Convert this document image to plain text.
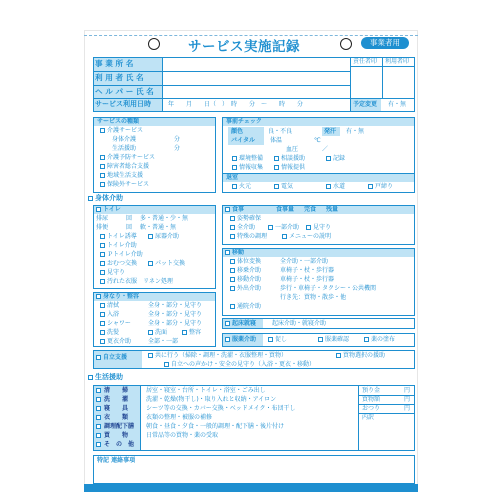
サービス実施記録	事業者用
事 業 所 名
利 用 者 氏 名
ヘ ル パ ー 氏 名
サービス利用日時
責任者印 利用者印
年　　月　　日（　）　時　　分　～　　時　　分	予定変更 有・無
サービスの種類
介護サービス
身体介護	分
生活援助	分
介護予防サービス
障害者総合支援
地域生活支援
保険外サービス
事前チェック
顔色	良・不良	発汗 有・無
バイタル 体温	℃
血圧	／
環境整備	相談援助	記録
情報収集	情報提供
退室
火元	電気	水道	戸締り
身体介助
トイレ
排尿	回 多・普通・少・無
排便	回 軟・普通・無
トイレ誘導	尿器介助
トイレ介助
Ｐトイレ介助
おむつ交換	パット交換
見守り
汚れた衣服　リネン処理
身なり・整容
清拭	全身・部分・見守り
入浴	全身・部分・見守り
シャワー	全身・部分・見守り
洗髪	洗面	整容
更衣介助	全部・一部
食事	食事量 完食 残量
姿勢確保
全介助	一部介助 見守り
特殊の調理	メニューの説明
移動
体位変換	全介助・一部介助
移乗介助	車椅子・杖・歩行器
移動介助	車椅子・杖・歩行器
外出介助	歩行・車椅子・タクシー・公共機関
行き先：買物・散歩・他
通院介助
起床就寝	起床介助・就寝介助
服薬介助	促し	服薬確認	薬の塗布
自立支援	共に行う（掃除・調理・洗濯・衣服整理・買物）	買物選択の援助
自立への声かけ・安全の見守り（入浴・更衣・移動）
生活援助
清　　掃	居室・寝室・台所・トイレ・浴室・ごみ出し
洗　　濯	洗濯・乾燥(物干し)・取り入れと収納・アイロン
寝　　具	シーツ等の交換・カバー交換・ベッドメイク・布団干し
衣　　類	衣類の整理・被服の補修
調理配下膳 朝食・昼食・夕食・一般的調理・配下膳・後片付け
買　　物	日常品等の買物・薬の受取
そ　の　他
預り金	円
買物額	円
おつり	円
内訳
特記 連絡事項
